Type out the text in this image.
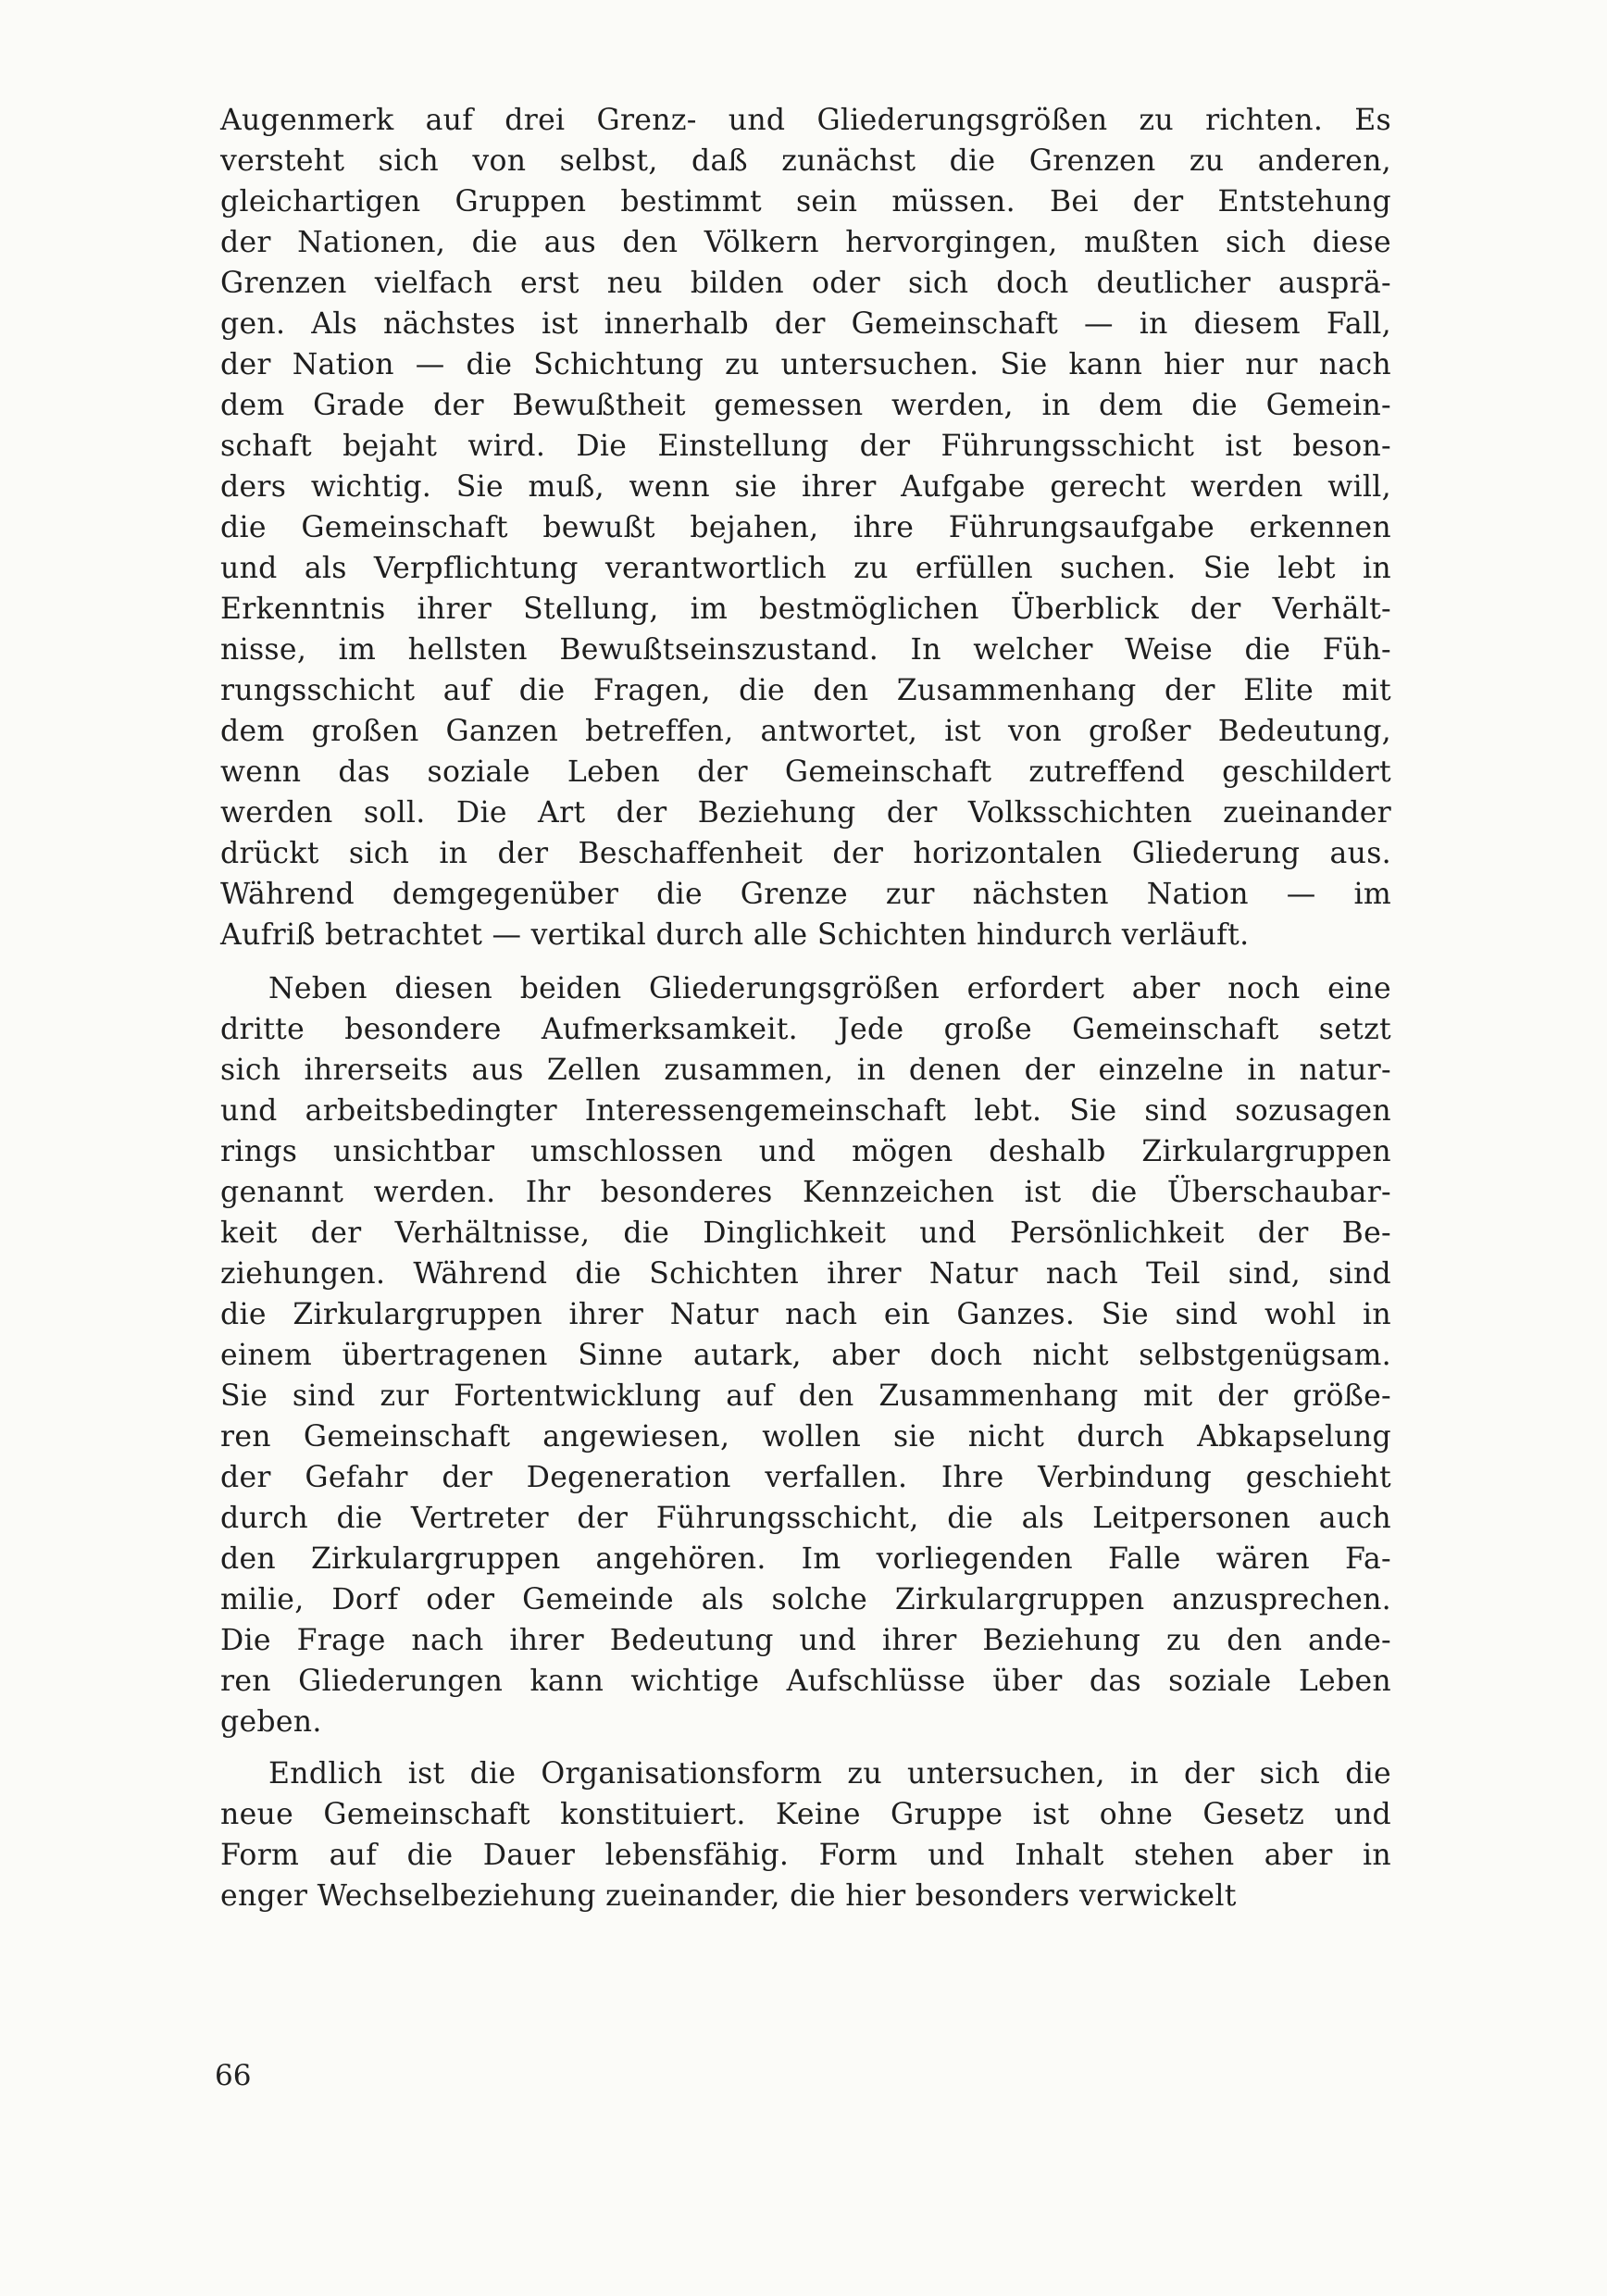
Augenmerk auf drei Grenz- und Gliederungsgrößen zu richten. Es
versteht sich von selbst, daß zunächst die Grenzen zu anderen,
gleichartigen Gruppen bestimmt sein müssen. Bei der Entstehung
der Nationen, die aus den Völkern hervorgingen, mußten sich diese
Grenzen vielfach erst neu bilden oder sich doch deutlicher ausprä-
gen. Als nächstes ist innerhalb der Gemeinschaft — in diesem Fall,
der Nation — die Schichtung zu untersuchen. Sie kann hier nur nach
dem Grade der Bewußtheit gemessen werden, in dem die Gemein-
schaft bejaht wird. Die Einstellung der Führungsschicht ist beson-
ders wichtig. Sie muß, wenn sie ihrer Aufgabe gerecht werden will,
die Gemeinschaft bewußt bejahen, ihre Führungsaufgabe erkennen
und als Verpflichtung verantwortlich zu erfüllen suchen. Sie lebt in
Erkenntnis ihrer Stellung, im bestmöglichen Überblick der Verhält-
nisse, im hellsten Bewußtseinszustand. In welcher Weise die Füh-
rungsschicht auf die Fragen, die den Zusammenhang der Elite mit
dem großen Ganzen betreffen, antwortet, ist von großer Bedeutung,
wenn das soziale Leben der Gemeinschaft zutreffend geschildert
werden soll. Die Art der Beziehung der Volksschichten zueinander
drückt sich in der Beschaffenheit der horizontalen Gliederung aus.
Während demgegenüber die Grenze zur nächsten Nation — im
Aufriß betrachtet — vertikal durch alle Schichten hindurch verläuft.
Neben diesen beiden Gliederungsgrößen erfordert aber noch eine
dritte besondere Aufmerksamkeit. Jede große Gemeinschaft setzt
sich ihrerseits aus Zellen zusammen, in denen der einzelne in natur-
und arbeitsbedingter Interessengemeinschaft lebt. Sie sind sozusagen
rings unsichtbar umschlossen und mögen deshalb Zirkulargruppen
genannt werden. Ihr besonderes Kennzeichen ist die Überschaubar-
keit der Verhältnisse, die Dinglichkeit und Persönlichkeit der Be-
ziehungen. Während die Schichten ihrer Natur nach Teil sind, sind
die Zirkulargruppen ihrer Natur nach ein Ganzes. Sie sind wohl in
einem übertragenen Sinne autark, aber doch nicht selbstgenügsam.
Sie sind zur Fortentwicklung auf den Zusammenhang mit der größe-
ren Gemeinschaft angewiesen, wollen sie nicht durch Abkapselung
der Gefahr der Degeneration verfallen. Ihre Verbindung geschieht
durch die Vertreter der Führungsschicht, die als Leitpersonen auch
den Zirkulargruppen angehören. Im vorliegenden Falle wären Fa-
milie, Dorf oder Gemeinde als solche Zirkulargruppen anzusprechen.
Die Frage nach ihrer Bedeutung und ihrer Beziehung zu den ande-
ren Gliederungen kann wichtige Aufschlüsse über das soziale Leben
geben.
Endlich ist die Organisationsform zu untersuchen, in der sich die
neue Gemeinschaft konstituiert. Keine Gruppe ist ohne Gesetz und
Form auf die Dauer lebensfähig. Form und Inhalt stehen aber in
enger Wechselbeziehung zueinander, die hier besonders verwickelt
66
